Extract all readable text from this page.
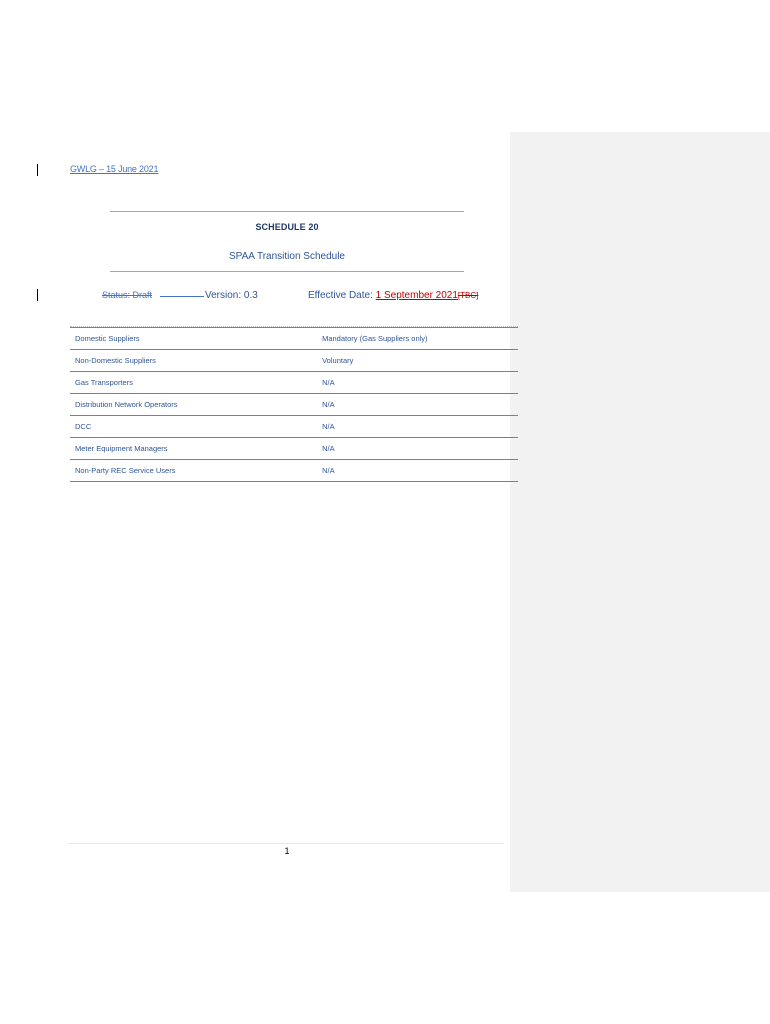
GWLG – 15 June 2021
SCHEDULE 20
SPAA Transition Schedule
Status: Draft	Version: 0.3	Effective Date: 1 September 2021[TBC]
Domestic Suppliers	Mandatory (Gas Suppliers only)
Non-Domestic Suppliers	Voluntary
Gas Transporters	N/A
Distribution Network Operators	N/A
DCC	N/A
Meter Equipment Managers	N/A
Non-Party REC Service Users	N/A
1
